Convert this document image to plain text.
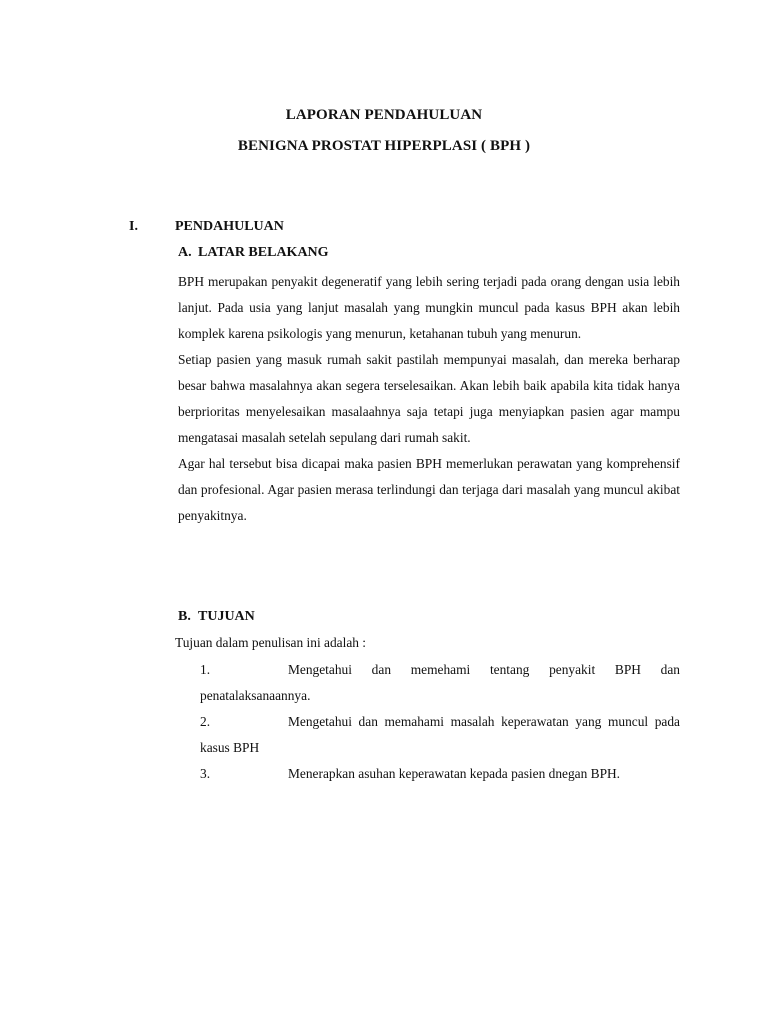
LAPORAN PENDAHULUAN
BENIGNA PROSTAT HIPERPLASI ( BPH )
I.	PENDAHULUAN
A. LATAR BELAKANG

BPH merupakan penyakit degeneratif yang lebih sering terjadi pada orang dengan usia lebih lanjut. Pada usia yang lanjut masalah yang mungkin muncul pada kasus BPH akan lebih komplek karena psikologis yang menurun, ketahanan tubuh yang menurun.

Setiap pasien yang masuk rumah sakit pastilah mempunyai masalah, dan mereka berharap besar bahwa masalahnya akan segera terselesaikan. Akan lebih baik apabila kita tidak hanya berprioritas menyelesaikan masalaahnya saja tetapi juga menyiapkan pasien agar mampu mengatasai masalah setelah sepulang dari rumah sakit.

Agar hal tersebut bisa dicapai maka pasien BPH memerlukan perawatan yang komprehensif dan profesional. Agar pasien merasa terlindungi dan terjaga dari masalah yang muncul akibat penyakitnya.

B. TUJUAN
Tujuan dalam penulisan ini adalah :

1.	Mengetahui dan memehami tentang penyakit BPH dan penatalaksanaannya.

2.	Mengetahui dan memahami masalah keperawatan yang muncul pada kasus BPH

3.	Menerapkan asuhan keperawatan kepada pasien dnegan BPH.
